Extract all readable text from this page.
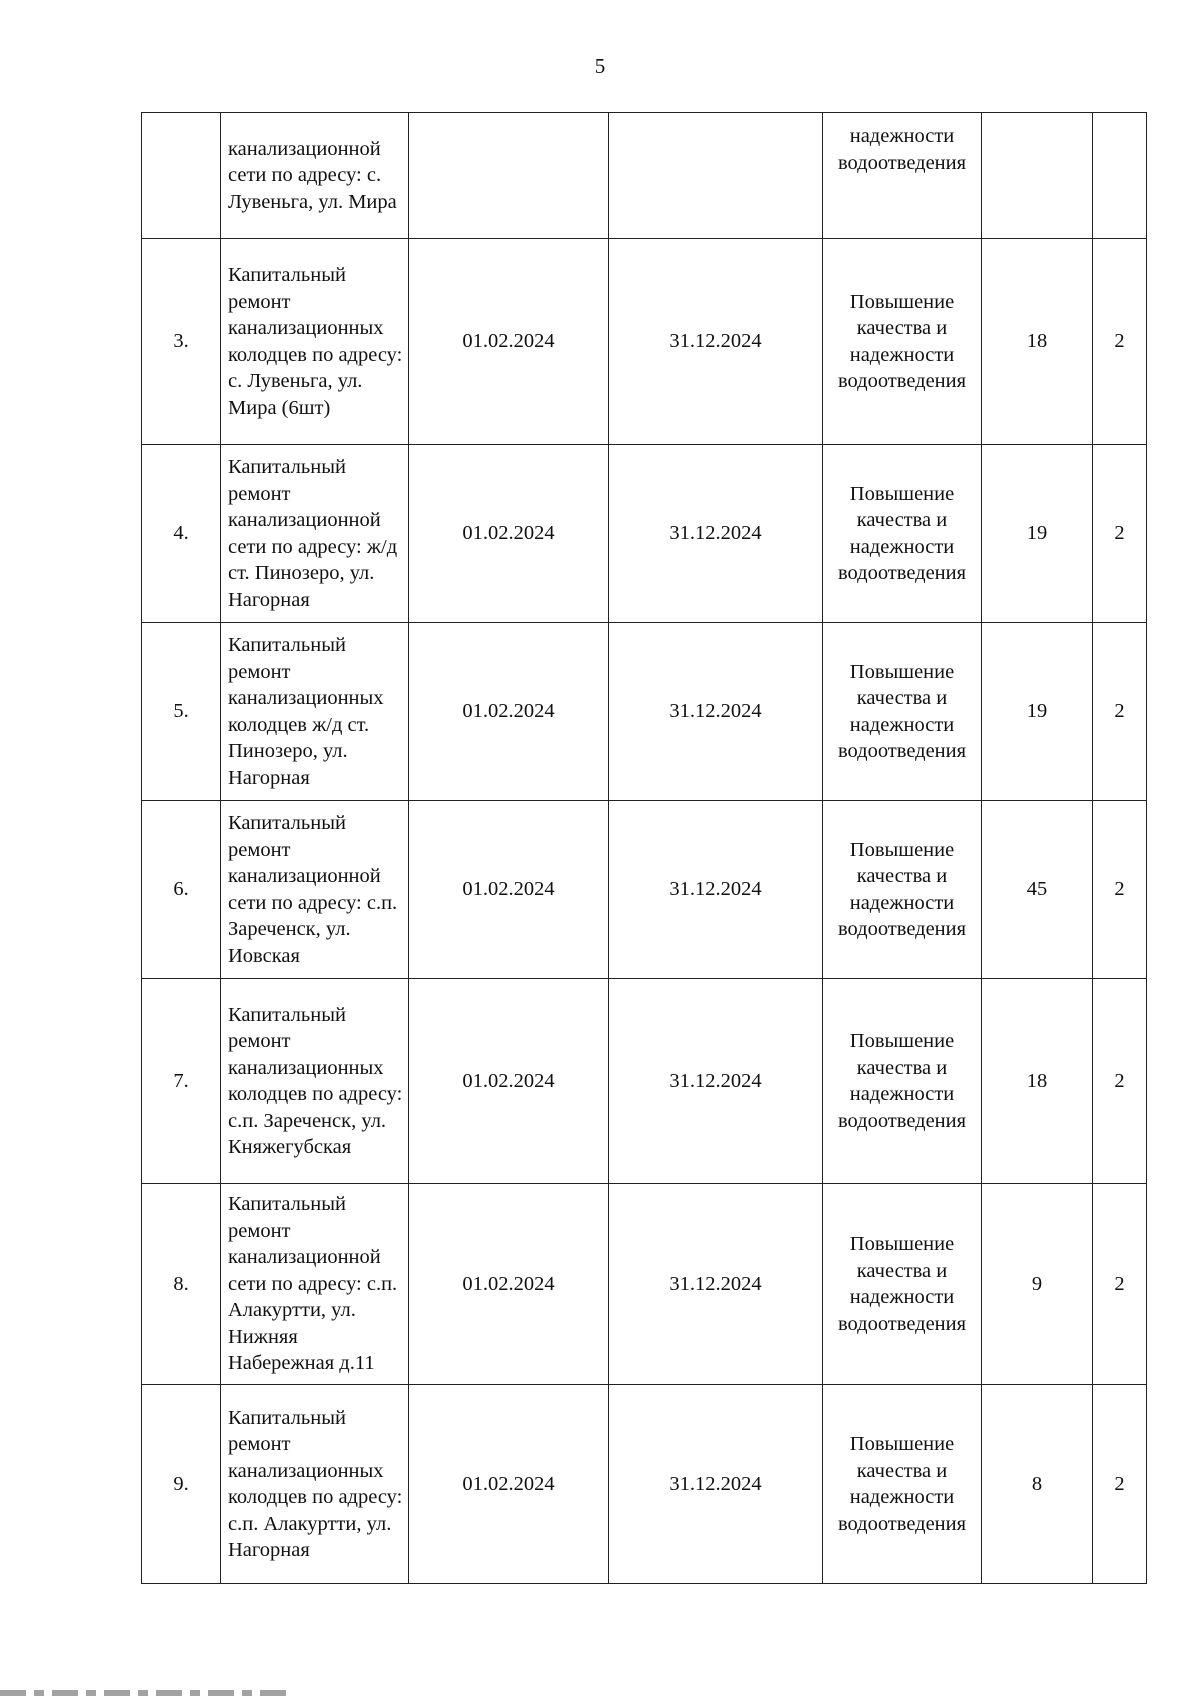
5
	канализационной сети по адресу: с. Лувеньга, ул. Мира			надежности водоотведения		
3.	Капитальный ремонт канализационных колодцев по адресу: с. Лувеньга, ул. Мира (6шт)	01.02.2024	31.12.2024	Повышение качества и надежности водоотведения	18	2
4.	Капитальный ремонт канализационной сети по адресу: ж/д ст. Пинозеро, ул. Нагорная	01.02.2024	31.12.2024	Повышение качества и надежности водоотведения	19	2
5.	Капитальный ремонт канализационных колодцев ж/д ст. Пинозеро, ул. Нагорная	01.02.2024	31.12.2024	Повышение качества и надежности водоотведения	19	2
6.	Капитальный ремонт канализационной сети по адресу: с.п. Зареченск, ул. Иовская	01.02.2024	31.12.2024	Повышение качества и надежности водоотведения	45	2
7.	Капитальный ремонт канализационных колодцев по адресу: с.п. Зареченск, ул. Княжегубская	01.02.2024	31.12.2024	Повышение качества и надежности водоотведения	18	2
8.	Капитальный ремонт канализационной сети по адресу: с.п. Алакуртти, ул. Нижняя Набережная д.11	01.02.2024	31.12.2024	Повышение качества и надежности водоотведения	9	2
9.	Капитальный ремонт канализационных колодцев по адресу: с.п. Алакуртти, ул. Нагорная	01.02.2024	31.12.2024	Повышение качества и надежности водоотведения	8	2
